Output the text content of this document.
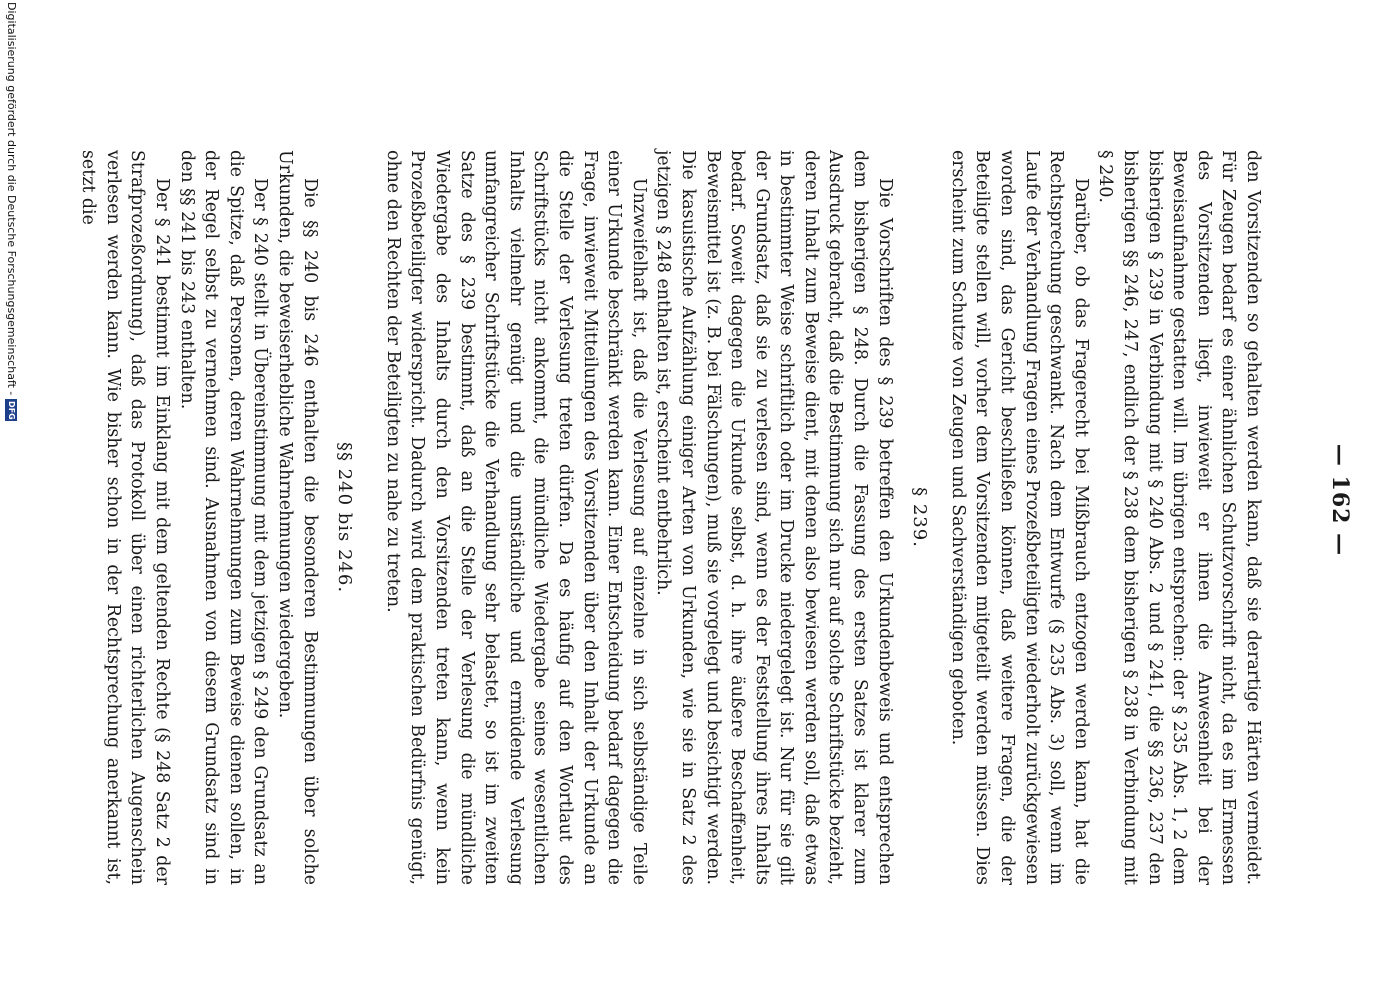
— 162 —

den Vorsitzenden so gehalten werden kann, daß sie derartige Härten vermeidet. Für Zeugen bedarf es einer ähnlichen Schutzvorschrift nicht, da es im Ermessen des Vorsitzenden liegt, inwieweit er ihnen die Anwesenheit bei der Beweisaufnahme gestatten will. Im übrigen entsprechen: der § 235 Abs. 1, 2 dem bisherigen § 239 in Verbindung mit § 240 Abs. 2 und § 241, die §§ 236, 237 den bisherigen §§ 246, 247, endlich der § 238 dem bisherigen § 238 in Verbindung mit § 240.

Darüber, ob das Fragerecht bei Mißbrauch entzogen werden kann, hat die Rechtsprechung geschwankt. Nach dem Entwurfe (§ 235 Abs. 3) soll, wenn im Laufe der Verhandlung Fragen eines Prozeßbeteiligten wiederholt zurückgewiesen worden sind, das Gericht beschließen können, daß weitere Fragen, die der Beteiligte stellen will, vorher dem Vorsitzenden mitgeteilt werden müssen. Dies erscheint zum Schutze von Zeugen und Sachverständigen geboten.

§ 239.

Die Vorschriften des § 239 betreffen den Urkundenbeweis und entsprechen dem bisherigen § 248. Durch die Fassung des ersten Satzes ist klarer zum Ausdruck gebracht, daß die Bestimmung sich nur auf solche Schriftstücke bezieht, deren Inhalt zum Beweise dient, mit denen also bewiesen werden soll, daß etwas in bestimmter Weise schriftlich oder im Drucke niedergelegt ist. Nur für sie gilt der Grundsatz, daß sie zu verlesen sind, wenn es der Feststellung ihres Inhalts bedarf. Soweit dagegen die Urkunde selbst, d. h. ihre äußere Beschaffenheit, Beweismittel ist (z. B. bei Fälschungen), muß sie vorgelegt und besichtigt werden. Die kasuistische Aufzählung einiger Arten von Urkunden, wie sie in Satz 2 des jetzigen § 248 enthalten ist, erscheint entbehrlich.

Unzweifelhaft ist, daß die Verlesung auf einzelne in sich selbständige Teile einer Urkunde beschränkt werden kann. Einer Entscheidung bedarf dagegen die Frage, inwieweit Mitteilungen des Vorsitzenden über den Inhalt der Urkunde an die Stelle der Verlesung treten dürfen. Da es häufig auf den Wortlaut des Schriftstücks nicht ankommt, die mündliche Wiedergabe seines wesentlichen Inhalts vielmehr genügt und die umständliche und ermüdende Verlesung umfangreicher Schriftstücke die Verhandlung sehr belastet, so ist im zweiten Satze des § 239 bestimmt, daß an die Stelle der Verlesung die mündliche Wiedergabe des Inhalts durch den Vorsitzenden treten kann, wenn kein Prozeßbeteiligter widerspricht. Dadurch wird dem praktischen Bedürfnis genügt, ohne den Rechten der Beteiligten zu nahe zu treten.

§§ 240 bis 246.

Die §§ 240 bis 246 enthalten die besonderen Bestimmungen über solche Urkunden, die beweiserhebliche Wahrnehmungen wiedergeben.

Der § 240 stellt in Übereinstimmung mit dem jetzigen § 249 den Grundsatz an die Spitze, daß Personen, deren Wahrnehmungen zum Beweise dienen sollen, in der Regel selbst zu vernehmen sind. Ausnahmen von diesem Grundsatz sind in den §§ 241 bis 243 enthalten.

Der § 241 bestimmt im Einklang mit dem geltenden Rechte (§ 248 Satz 2 der Strafprozeßordnung), daß das Protokoll über einen richterlichen Augenschein verlesen werden kann. Wie bisher schon in der Rechtsprechung anerkannt ist, setzt die

Digitalisierung gefördert durch die Deutsche Forschungsgemeinschaft -
DFG
